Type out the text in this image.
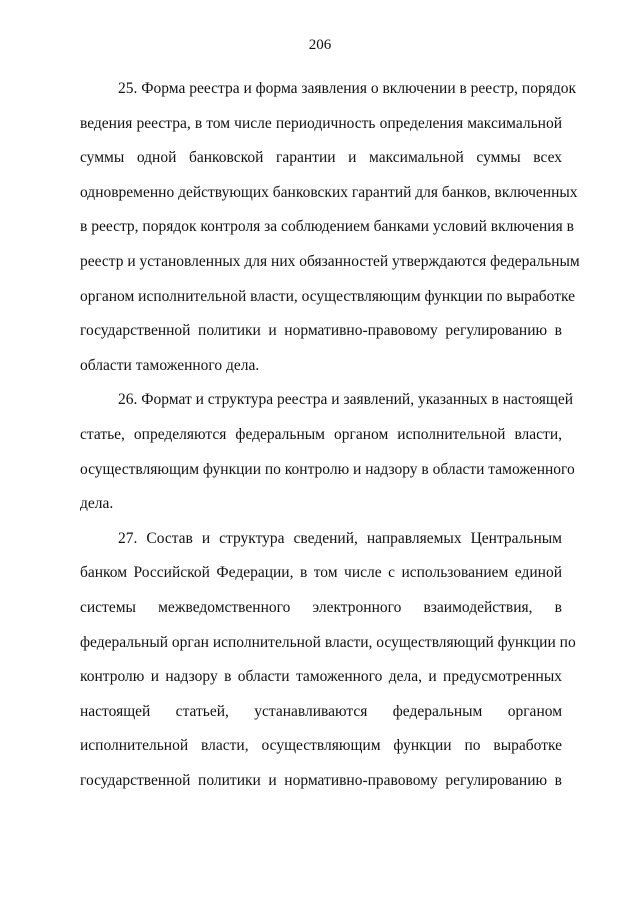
206
25. Форма реестра и форма заявления о включении в реестр, порядок
ведения реестра, в том числе периодичность определения максимальной
суммы одной банковской гарантии и максимальной суммы всех
одновременно действующих банковских гарантий для банков, включенных
в реестр, порядок контроля за соблюдением банками условий включения в
реестр и установленных для них обязанностей утверждаются федеральным
органом исполнительной власти, осуществляющим функции по выработке
государственной политики и нормативно-правовому регулированию в
области таможенного дела.
26. Формат и структура реестра и заявлений, указанных в настоящей
статье, определяются федеральным органом исполнительной власти,
осуществляющим функции по контролю и надзору в области таможенного
дела.
27. Состав и структура сведений, направляемых Центральным
банком Российской Федерации, в том числе с использованием единой
системы межведомственного электронного взаимодействия, в
федеральный орган исполнительной власти, осуществляющий функции по
контролю и надзору в области таможенного дела, и предусмотренных
настоящей статьей, устанавливаются федеральным органом
исполнительной власти, осуществляющим функции по выработке
государственной политики и нормативно-правовому регулированию в
